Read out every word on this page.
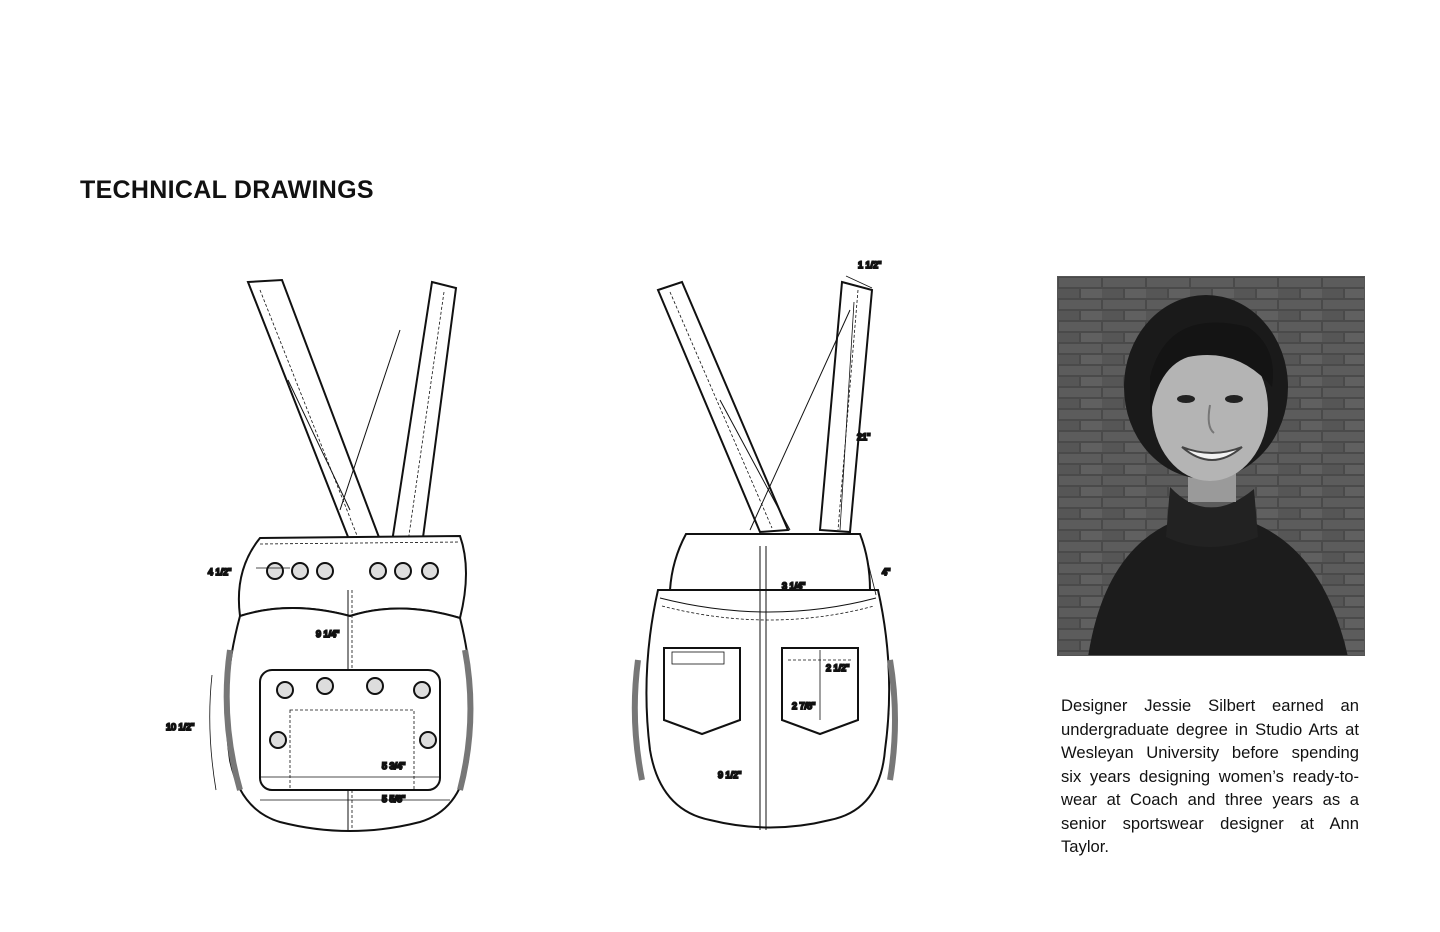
TECHNICAL DRAWINGS
4 1/2"
9 1/4"
10 1/2"
5 3/4"
5 5/8"
1 1/2"
21"
4"
3 1/4"
2 1/2"
2 7/8"
9 1/2"

Designer Jessie Silbert earned an undergraduate degree in Studio Arts at Wesleyan University before spending six years designing women’s ready-to-wear at Coach and three years as a senior sportswear designer at Ann Taylor.
